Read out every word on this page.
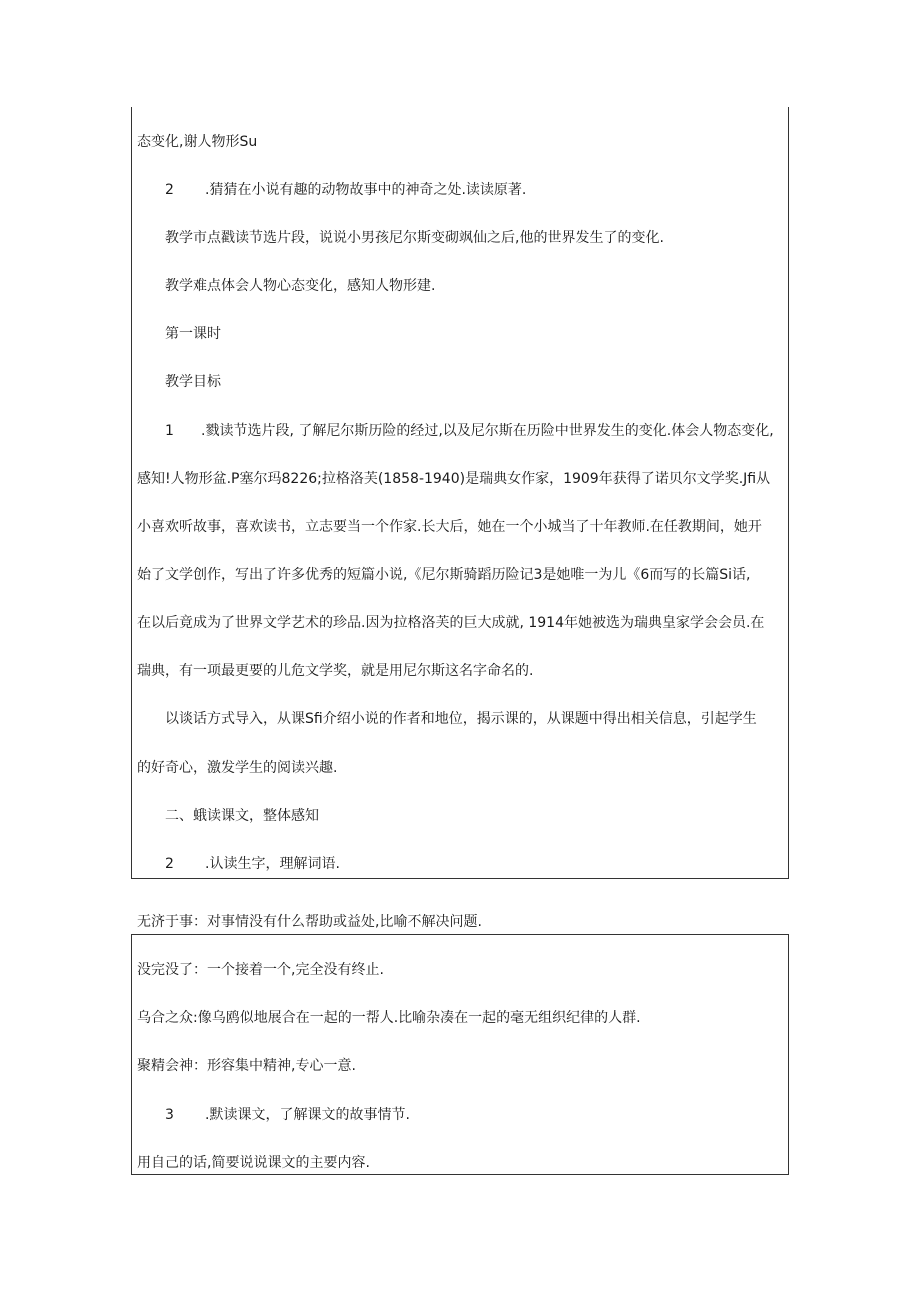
态变化,谢人物形Su
2 .猜猜在小说有趣的动物故事中的神奇之处.读读原著.
教学市点戳读节选片段，说说小男孩尼尔斯变砌飒仙之后,他的世界发生了的变化.
教学难点体会人物心态变化，感知人物形建.
第一课时
教学目标
1 .戮读节选片段, 了解尼尔斯历险的经过,以及尼尔斯在历险中世界发生的变化.体会人物态变化,
感知!人物形盆.P塞尔玛8226;拉格洛芙(1858-1940)是瑞典女作家，1909年获得了诺贝尔文学奖.Jfi从
小喜欢听故事，喜欢读书，立志要当一个作家.长大后，她在一个小城当了十年教师.在任教期间，她开
始了文学创作，写出了许多优秀的短篇小说,《尼尔斯骑蹈历险记3是她唯一为儿《6而写的长篇Si话,
在以后竟成为了世界文学艺术的珍品.因为拉格洛芙的巨大成就, 1914年她被选为瑞典皇家学会会员.在
瑞典，有一项最更要的儿危文学奖，就是用尼尔斯这名字命名的.
以谈话方式导入，从课Sfi介绍小说的作者和地位，揭示课的，从课题中得出相关信息，引起学生
的好奇心，激发学生的阅读兴趣.
二、蛾读课文，整体感知
2 .认读生字，理解词语.
无济于事：对事情没有什么帮助或益处,比喻不解决问题.
没完没了：一个接着一个,完全没有终止.
乌合之众:像乌鸥似地展合在一起的一帮人.比喻杂凑在一起的毫无组织纪律的人群.
聚精会神：形容集中精神,专心一意.
3 .默读课文，了解课文的故事情节.
用自己的话,简要说说课文的主要内容.
